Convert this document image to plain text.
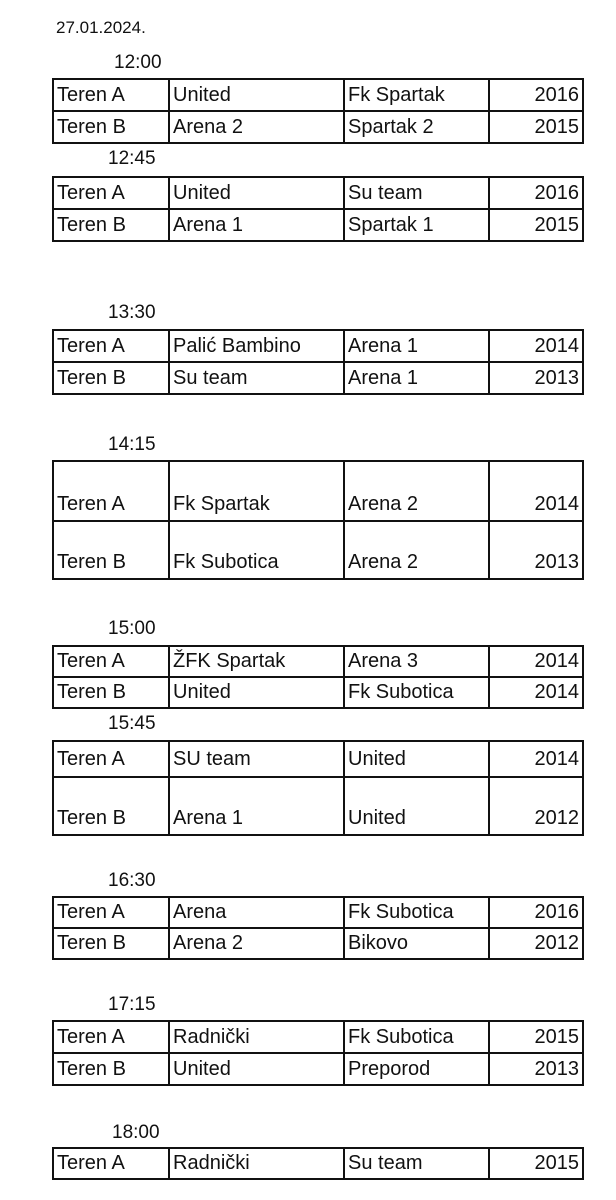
27.01.2024.
12:00
Teren A	United	Fk Spartak	2016
Teren B	Arena 2	Spartak 2	2015
12:45
Teren A	United	Su team	2016
Teren B	Arena 1	Spartak 1	2015
13:30
Teren A	Palić Bambino	Arena 1	2014
Teren B	Su team	Arena 1	2013
14:15
Teren A	Fk Spartak	Arena 2	2014
Teren B	Fk Subotica	Arena 2	2013
15:00
Teren A	ŽFK Spartak	Arena 3	2014
Teren B	United	Fk Subotica	2014
15:45
Teren A	SU team	United	2014
Teren B	Arena 1	United	2012
16:30
Teren A	Arena	Fk Subotica	2016
Teren B	Arena 2	Bikovo	2012
17:15
Teren A	Radnički	Fk Subotica	2015
Teren B	United	Preporod	2013
18:00
Teren A	Radnički	Su team	2015
